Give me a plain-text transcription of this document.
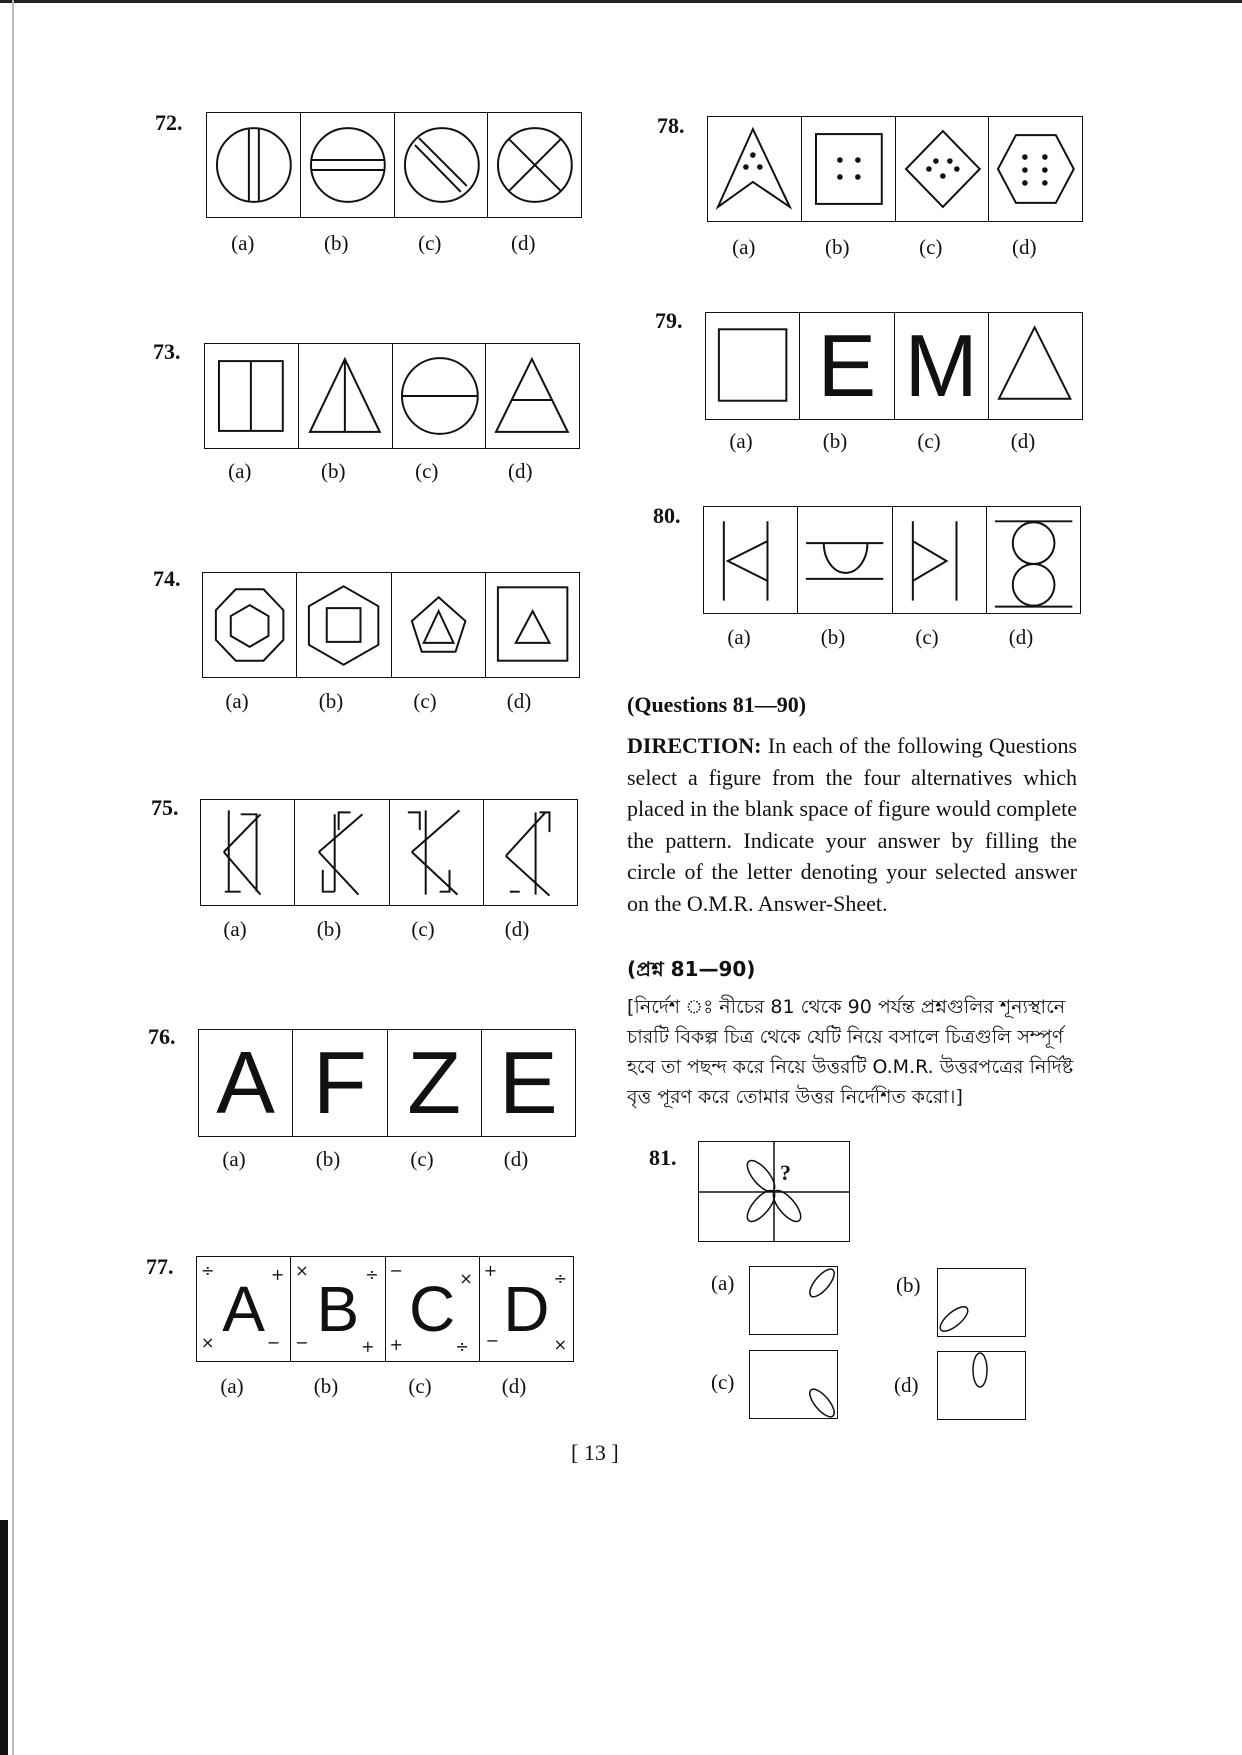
72.
(a)	(b)	(c)	(d)
73.
(a)	(b)	(c)	(d)
74.
(a)	(b)	(c)	(d)
75.
(a)	(b)	(c)	(d)
76. A F Z E
(a)	(b)	(c)	(d)
77.
A
÷	+
×	− B
×	÷
−	+
C
−	×
+	÷
D
+	÷
−	×
(a)	(b)	(c)	(d)
78.
(a)	(b)	(c)	(d)
79. E M
(a)	(b)	(c)	(d)
80.
(a)	(b)	(c)	(d)
(Questions 81—90)
DIRECTION: In each of the following Questions select a figure from the four alternatives which placed in the blank space of figure would complete the pattern. Indicate your answer by filling the circle of the letter denoting your selected answer on the O.M.R. Answer-Sheet.
(প্রশ্ন 81—90)
[নির্দেশ ঃ নীচের 81 থেকে 90 পর্যন্ত প্রশ্নগুলির শূন্যস্থানে চারটি বিকল্প চিত্র থেকে যেটি নিয়ে বসালে চিত্রগুলি সম্পূর্ণ হবে তা পছন্দ করে নিয়ে উত্তরটি O.M.R. উত্তরপত্রের নির্দিষ্ট বৃত্ত পূরণ করে তোমার উত্তর নির্দেশিত করো।]
81.
?
(a)	(b)
(c)	(d)
[ 13 ]
